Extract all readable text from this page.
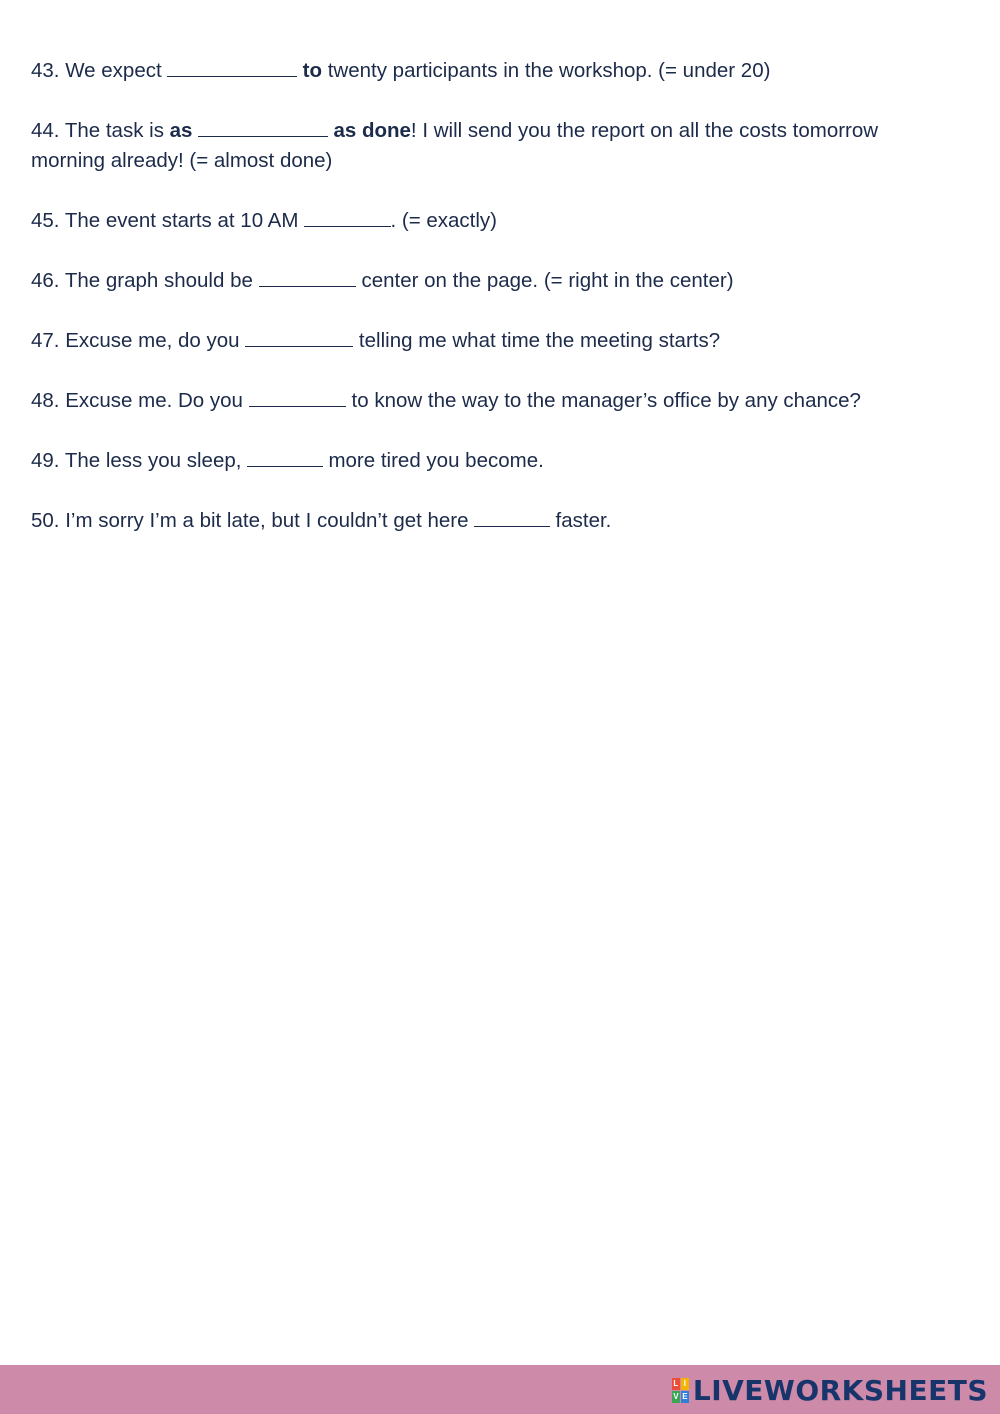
43. We expect	to twenty participants in the workshop. (= under 20)

44. The task is as	as done! I will send you the report on all the costs tomorrow morning already! (= almost done)

45. The event starts at 10 AM	. (= exactly)

46. The graph should be	center on the page. (= right in the center)

47. Excuse me, do you	telling me what time the meeting starts?

48. Excuse me. Do you	to know the way to the manager’s office by any chance?

49. The less you sleep,	more tired you become.

50. I’m sorry I’m a bit late, but I couldn’t get here	faster.

L I
V E LIVEWORKSHEETS
